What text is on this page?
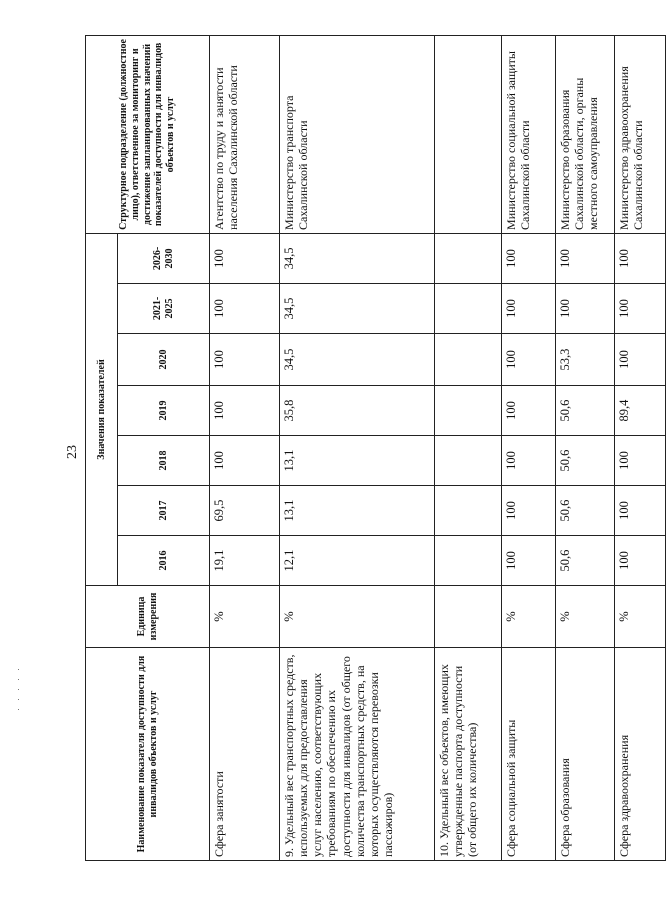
23
Наименование показателя доступности для инвалидов объектов и услуг	Единица измерения	Значения показателей							Структурное подразделение (должностное лицо), ответственное за мониторинг и достижение запланированных значений показателей доступности для инвалидов объектов и услуг
		2016	2017	2018	2019	2020	2021-2025	2026-2030	
Сфера занятости	%	19,1	69,5	100	100	100	100	100	Агентство по труду и занятости населения Сахалинской области
9. Удельный вес транспортных средств, используемых для предоставления услуг населению, соответствующих требованиям по обеспечению их доступности для инвалидов (от общего количества транспортных средств, на которых осуществляются перевозки пассажиров)	%	12,1	13,1	13,1	35,8	34,5	34,5	34,5	Министерство транспорта Сахалинской области
10. Удельный вес объектов, имеющих утвержденные паспорта доступности (от общего их количества)									
Сфера социальной защиты	%	100	100	100	100	100	100	100	Министерство социальной защиты Сахалинской области
Сфера образования	%	50,6	50,6	50,6	50,6	53,3	100	100	Министерство образования Сахалинской области, органы местного самоуправления
Сфера здравоохранения	%	100	100	100	89,4	100	100	100	Министерство здравоохранения Сахалинской области
